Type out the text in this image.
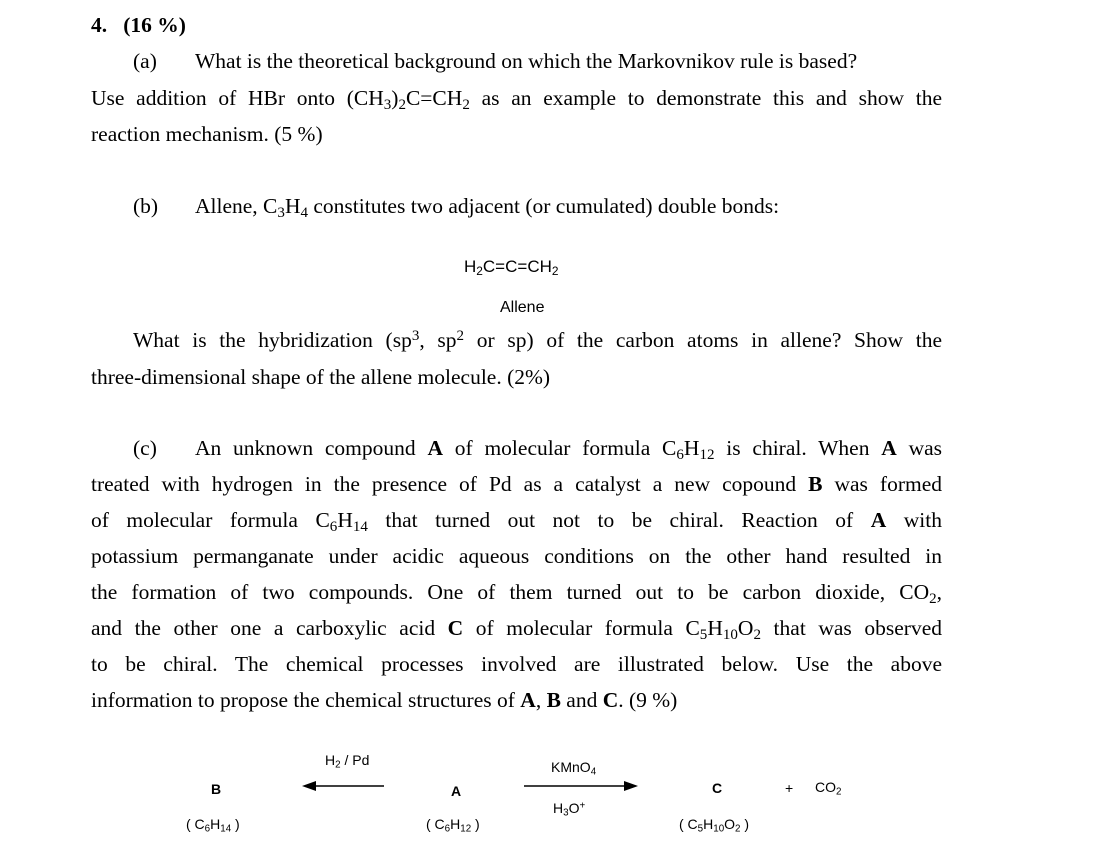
4. (16 %)
(a) What is the theoretical background on which the Markovnikov rule is based?
Use addition of HBr onto $(CH_3)_2C=CH_2$ as an example to demonstrate this and show the
reaction mechanism. (5 %)
(b) Allene, $C_3H_4$ constitutes two adjacent (or cumulated) double bonds:
$H_2C=C=CH_2$
Allene
What is the hybridization ($sp^3$, $sp^2$ or sp) of the carbon atoms in allene? Show the
three-dimensional shape of the allene molecule. (2%)
(c) An unknown compound A of molecular formula $C_6H_{12}$ is chiral. When A was
treated with hydrogen in the presence of Pd as a catalyst a new copound B was formed
of molecular formula $C_6H_{14}$ that turned out not to be chiral. Reaction of A with
potassium permanganate under acidic aqueous conditions on the other hand resulted in
the formation of two compounds. One of them turned out to be carbon dioxide, $CO_2$,
and the other one a carboxylic acid C of molecular formula $C_5H_{10}O_2$ that was observed
to be chiral. The chemical processes involved are illustrated below. Use the above
information to propose the chemical structures of A, B and C. (9 %)
$H_2$ / Pd	KMnO$_4$
B	A	C	+ $CO_2$
$H_3O^+$
( $C_6H_{14}$ )	( $C_6H_{12}$ )	( $C_5H_{10}O_2$ )
